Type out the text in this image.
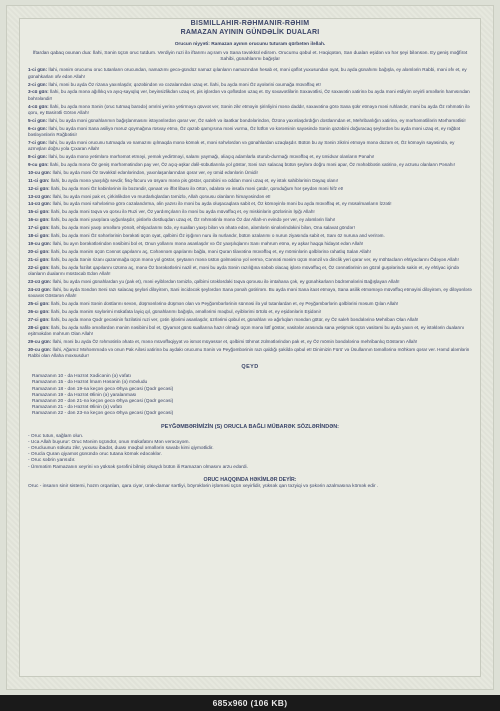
BISMILLAHIR-RƏHMANIR-RƏHIM

RAMAZAN AYININ GÜNDƏLİK DUALARI

Orucun niyyəti: Ramazan ayının orucunu tuturam qürbətən iləllah.
İftardan qabaq oxunan dua: İlahi, Sənin üçün oruc tutdum. Verdiyin ruzi ilə iftarımı açıram və Sana təvəkkül edirəm. Orucumu qəbul et. Həqiqətən, San duaları eşidən və hər şeyi bilənsən. Ey geniş məğfirət Sahibi, günahlarımı bağışla!
1-ci gün: İlahi, mənim orucumu oruc tutanların orucundan, namazımı gecə-gündüz namaz qılanların namazından hesab et, məni qəflət yuxusundan oyat, bu ayda günahımı bağışla, ey aləmlərin Rabbi, məni əfv et, ey günahkarları əfv edən Allah!
2-ci gün: İlahi, məni bu ayda Öz rizana yaxınlaşdır, qəzəbindən və cəzalarından uzaq et. İlahi, bu ayda məni Öz ayələrini oxumağa müvəffəq et!
3-cü gün: İlahi, bu ayda mənə ağıllılıq və ayıq-sayıqlıq ver, beyinsizlikdən uzaq et, pis işlərdən və qəflətdən uzaq et. Ey səxavətlilərin Səxavətlisi, Öz səxavətin xatirinə bu ayda məni etdiyim xeyirli əməllərin hamısından bəhrələndir!
4-cü gün: İlahi, bu ayda mənə Sənin (oruc tutmaq barədə) əmrini yerinə yetirməyə qüvvət ver, Sənin zikr etməyin şirinliyini mənə daddır, səxavətinə görə Sana şükr etməyə məni ruhlandır, məni bu ayda Öz rəhmətin ilə qoru, ey Basirətli Görən Allah!
5-ci gün: İlahi, bu ayda məni günahlarımın bağışlanmasını istəyənlərdən qərar ver, Öz saleh və itaətkar bəndələrindən, Özünə yaxınlaşdırdığın dostlarından et, Mehribanlığın xatirinə, ey mərhəmətlilərin Mərhəmətlisi!
6-cı gün: İlahi, bu ayda məni Sana asiliyə məruz qoymağına rüsvay etmə, Öz qəzəb qamçısına məni vurma, Öz lütfün və kərəminin sayəsində Sənin qəzəbini doğuracaq şeylərdən bu ayda məni uzaq et, ey rəğbət bəsləyənlərin Rəğbətisi!
7-ci gün: İlahi, bu ayda məni orucunu tutmaqda və namazını qılmaqda mənə kömək et, məni səhvlərdən və günahlardan uzaqlaşdır. Bütün bu ay Sənin zikrini etməyə mənə düzəm et, Öz köməyin sayəsində, ey azmışları doğru yola Çıxaran Allah!
8-ci gün: İlahi, bu ayda mənə yetimlərə mərhəmət etməyi, yemək yedirtməyi, salamı yaymağı, əliaçıq adamlarla oturub-durmağı müvəffəq et, ey ümidvar olanların Pənahı!
9-cu gün: İlahi, bu ayda mənə Öz geniş mərhəmətindən pay ver, Öz açıq-aşkar dəlil-sübutlarınla yol göstər, Səni razı salacaq bütün şeylərə doğru məni apar, Öz məhəbbətin xatirinə, ey arzusu olanların Pənahı!
10-cu gün: İlahi, bu ayda məni Öz təvəkkül edənlərindən, yaxınlaşanlarından qərar ver, ey ümid edənlərin Ümidi!
11-ci gün: İlahi, bu ayda mənə yaxşılığı sevdir, fisq-fücuru və üsyanı mənə pis göstər, qəzəbini və oddan məni uzaq et, ey istək sahiblərinin Dayaq olanı!
12-ci gün: İlahi, bu ayda məni Öz kəbinlərinin ilə bəzəndir, qənaət və iffət libası ilə örtün, ədalətə və insafa məni çatdır, qorxduğum hər şeydən məni hifz et!
13-cü gün: İlahi, bu ayda məni pak et, çirkinlikdən və murdarlıqlardan təmizlə, Allah qorxusu olanların himayəsindən et!
14-cü gün: İlahi, bu ayda məni səhvlərimə görə cəzalandırma, əlin yazısı ilə məni bu ayda oluşacaqlara sabit et, Öz köməyinlə məni bu ayda müvəffəq et, ey müsəlmanların İzzəti!
15-ci gün: İlahi, bu ayda məni təqva və qorxu ilə Ruzi ver, Öz yardımçıların ilə məni bu ayda müvəffəq et, ey miskinlərin gözlərinin İşığı Allah!
16-cı gün: İlahi, bu ayda məni yaxşılara uyğunlaşdır, pislərlə dostluqdan uzaq et, Öz rəhmətinlə mənə Öz dar Allah-ın evində yer ver, ey aləmlərin İlahı!
17-ci gün: İlahi, bu ayda məni yaxşı əməllərə yönəlt, ehtiyaclarımı ödə, ey sualları yaxşı bilən və əhatə edən, aləmlərin sinələrindəkini bilən, Ona salavat göndər!
18-ci gün: İlahi, bu ayda məni Öz səhərlərinin bərəkəti üçün oyat, qəlbimi Öz işığının nuru ilə nurlandır, bütün əzalarımı o nurun ziyasında sabit et, Sanı öz nuruna and verirəm.
19-cu gün: İlahi, bu ayın bərəkətlərindən nəsibimi bol et, Onun yollarını mənə asanlaşdır və Öz yaxşılıqlarını Sanı məhrum etmə, ey aşkar haqqa hidayət edən Allah!
20-ci gün: İlahi, bu ayda mənim üçün Cənnət qapılarını aç, Cəhənnəm qapılarını bağla, məni Quran tilavətinə müvəffəq et, ey möminlərin qəlblərinə rahatlıq Salan Allah!
21-ci gün: İlahi, bu ayda Sənin rizanı qazanmağa üçün mənə yol göstər, şeytanın mənə üstün gəlməsinə yol vermə, Cənnəti mənim üçün mənzil və dinclik yeri qərar ver, ey möhtacların ehtiyaclarını Ödəyən Allah!
22-ci gün: İlahi, bu ayda fəzilət qapılarını üzümə aç, mənə Öz bərəkətlərini nazil et, məni bu ayda Sənin razılığına səbəb olacaq işlərə müvəffəq et, Öz cənnətlərinin ən gözəl guşələrində sakin et, ey ehtiyac içində olanların dualarını müstəcab Edən Allah!
23-cü gün: İlahi, bu ayda məni günahlardan yu (pak et), məni eyiblərdən təmizlə, qəlbimi ürəklərdəki təqva qorxusu ilə imtahana çək, ey günahkarların büdrəmələrini Bağışlayan Allah!
24-cü gün: İlahi, bu ayda Səndən Seni razı salacaq şeyləri diləyirəm, Sani incidəcək şeylərdən Sana pənah gətirirəm. Bu ayda məni Sana itaət etməyə, Sana asilik etməməyə müvəffəq etməyini diləyirəm, ey diləyənlərə səxavət Göstərən Allah!
25-ci gün: İlahi, bu ayda məni Sənin dostlarını sevən, düşmənlərinə düşmən olan və Peyğəmbərlərinin sünnəsi ilə yol tutanlardan et, ey Peyğəmbərlərin qəlblərini məsum Qılan Allah!
26-cı gün: İlahi, bu ayda mənim səylərimi mükafata layiq qıl, günahlarımı bağışla, əməllərimi məqbul, eyiblərimi örtülü et, ey eşidənlərin Eşidəni!
27-ci gün: İlahi, bu ayda mənə Qədr gecəsinin fəzilətini ruzi ver, çətin işlərimi asanlaşdır, üzrlərimi qəbul et, günahları və ağırlıqları məndən götür, ey Öz saleh bəndələrinə Mehriban Olan Allah!
28-ci gün: İlahi, bu ayda nafilə əməllərdən mənim nəsibimi bol et, Qiyamət günü suallarına hazır olmağı üçün mənə lütf göstər, vasitələr arasında sana yetişmək üçün vasitəmi bu ayda yaxın et, ey istəklərin dualarını eşitməkdən məhrum Olan Allah!
29-cu gün: İlahi, məni bu ayda Öz rəhmətinlə əhatə et, mənə müvəffəqiyyət və ismət müyəssər et, qəlbimi töhmət zülmətlərindən pak et, ey Öz mömin bəndələrinə mehribanlıq Göstərən Allah!
30-cu gün: İlahi, Ağamız Məhəmmədə və onun Pak Ailəsi xatirinə bu aydakı orucumu Sənin və Peyğəmbərinin razı qaldığı şəkildə qəbul et! Dinimizin Fürü' və Üsullarının təməllərinə möhkəm qərar ver. Həmd aləmlərin Rabbi olan Allaha məxsusdur!
QEYD
Ramazanın 10 - da Həzrət Xədicənin (ə) vəfatı
Ramazanın 15 - də Həzrət İmam Həsənin (ə) mövludu
Ramazanın 18 - dən 19-na keçən gecə Əhya gecəsi (Qədr gecəsi)
Ramazanın 19 - da Həzrət Əlinin (ə) yaralanması
Ramazanın 20 - dən 21-nə keçən gecə Əhya gecəsi (Qədr gecəsi)
Ramazanın 21 - də Həzrət Əlinin (ə) vəfatı
Ramazanın 22 - dən 23-nə keçən gecə Əhya gecəsi (Qədr gecəsi)
PEYĞƏMBƏRİMİZİN (S) ORUCLA BAĞLI MÜBARƏK SÖZLƏRİNDƏN:
- Oruc tutun, sağlam olun.
- Uca Allah buyurur: Oruc Mənim üçündür, onun mükafatını Mən verəcəyəm.
- Orucluunun sükutu zikr, yuxusu ibadət, duası məqbul əməllərin savabı kimi qiymətlidir.
- Orucla Quran qiyamət günündə oruc tutana kömək edəcəklər.
- Oruc səbrin yarısıdır.
- Ümmətim Ramazanın xeyrini və yüksək şərəfini bilmiş olsaydı bütün ili Ramazan olmasını arzu edərdi.
ORUC HAQQINDA HƏKİMLƏR DEYİR:
Oruc - insanın sinir sistemi, həzm orqanları, qara ciyər, ürək-damar sərtliyi, böyrəklərin işləməsi üçün xeyirlidir, yüksək qan təzyiqi və şəkərin azalmasına kömək edir .
685x960 (106 KB)
